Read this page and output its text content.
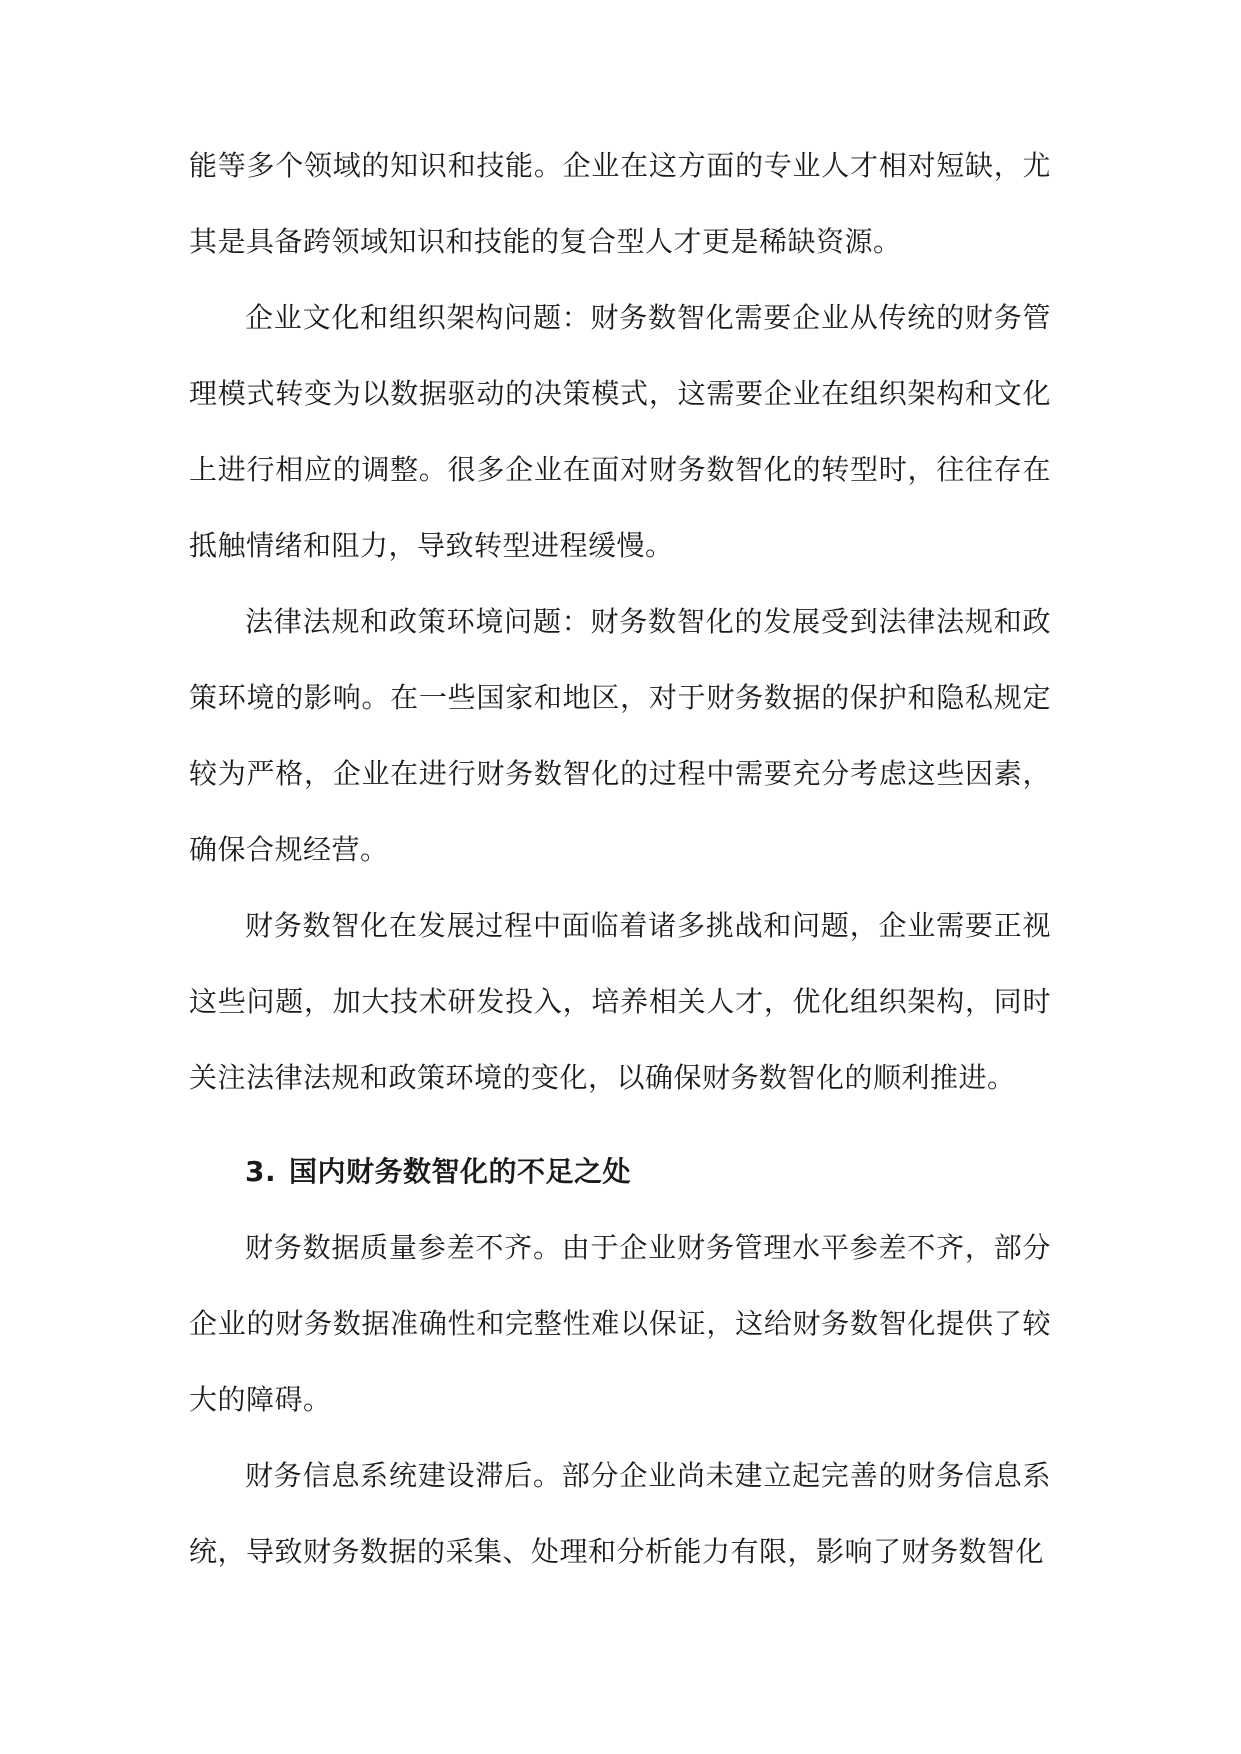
能等多个领域的知识和技能。企业在这方面的专业人才相对短缺，尤其是具备跨领域知识和技能的复合型人才更是稀缺资源。

企业文化和组织架构问题：财务数智化需要企业从传统的财务管理模式转变为以数据驱动的决策模式，这需要企业在组织架构和文化上进行相应的调整。很多企业在面对财务数智化的转型时，往往存在抵触情绪和阻力，导致转型进程缓慢。

法律法规和政策环境问题：财务数智化的发展受到法律法规和政策环境的影响。在一些国家和地区，对于财务数据的保护和隐私规定较为严格，企业在进行财务数智化的过程中需要充分考虑这些因素，确保合规经营。

财务数智化在发展过程中面临着诸多挑战和问题，企业需要正视这些问题，加大技术研发投入，培养相关人才，优化组织架构，同时关注法律法规和政策环境的变化，以确保财务数智化的顺利推进。

3. 国内财务数智化的不足之处

财务数据质量参差不齐。由于企业财务管理水平参差不齐，部分企业的财务数据准确性和完整性难以保证，这给财务数智化提供了较大的障碍。

财务信息系统建设滞后。部分企业尚未建立起完善的财务信息系统，导致财务数据的采集、处理和分析能力有限，影响了财务数智化
